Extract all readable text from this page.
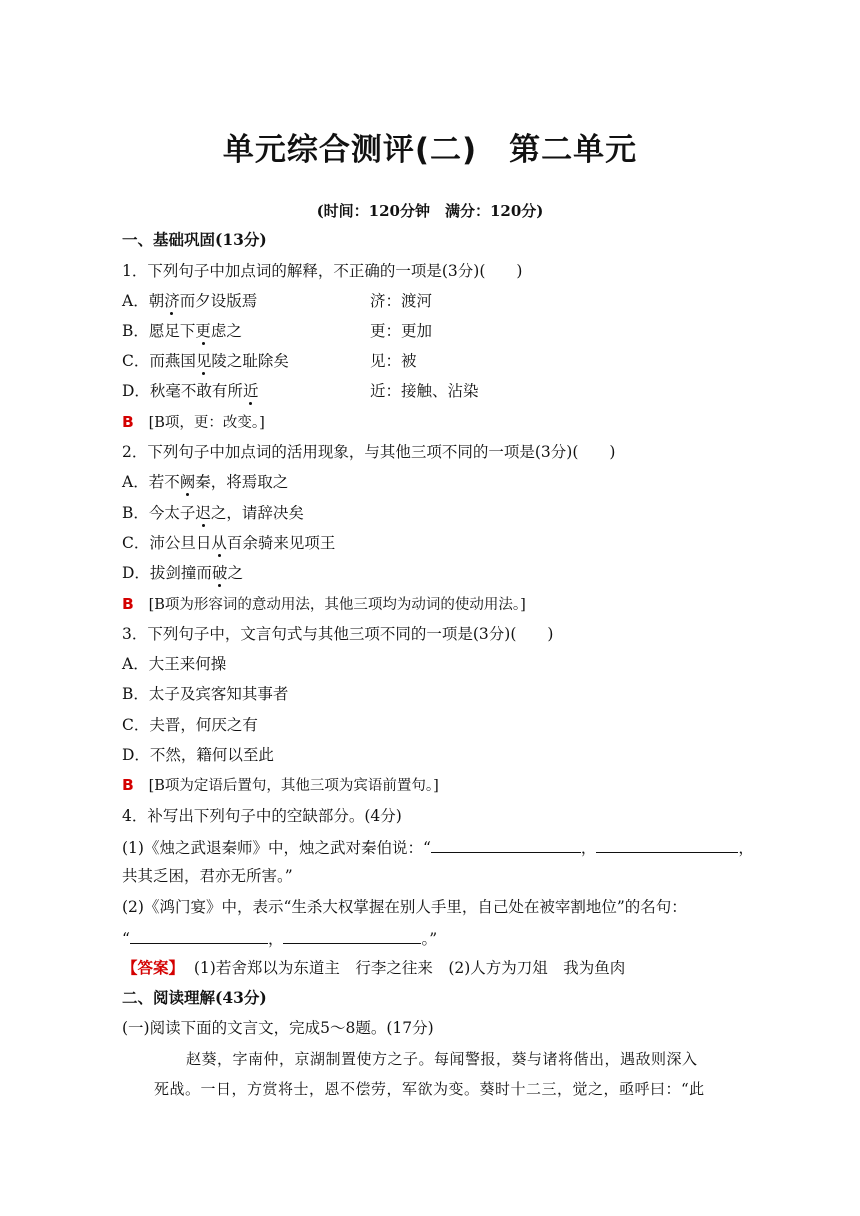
单元综合测评(二)　第二单元
(时间：120分钟　满分：120分)
一、基础巩固(13分)
1．下列句子中加点词的解释，不正确的一项是(3分)(　　)
A．朝济而夕设版焉	济：渡河
B．愿足下更虑之	更：更加
C．而燕国见陵之耻除矣	见：被
D．秋毫不敢有所近	近：接触、沾染
B [B项，更：改变。]
2．下列句子中加点词的活用现象，与其他三项不同的一项是(3分)(　　)
A．若不阙秦，将焉取之
B．今太子迟之，请辞决矣
C．沛公旦日从百余骑来见项王
D．拔剑撞而破之
B [B项为形容词的意动用法，其他三项均为动词的使动用法。]
3．下列句子中，文言句式与其他三项不同的一项是(3分)(　　)
A．大王来何操
B．太子及宾客知其事者
C．夫晋，何厌之有
D．不然，籍何以至此
B [B项为定语后置句，其他三项为宾语前置句。]
4．补写出下列句子中的空缺部分。(4分)
(1)《烛之武退秦师》中，烛之武对秦伯说：“	，	，
共其乏困，君亦无所害。”
(2)《鸿门宴》中，表示“生杀大权掌握在别人手里，自己处在被宰割地位”的名句：
“	，	。”
【答案】 (1)若舍郑以为东道主　行李之往来　(2)人方为刀俎　我为鱼肉
二、阅读理解(43分)
(一)阅读下面的文言文，完成5～8题。(17分)
赵葵，字南仲，京湖制置使方之子。每闻警报，葵与诸将偕出，遇敌则深入
死战。一日，方赏将士，恩不偿劳，军欲为变。葵时十二三，觉之，亟呼曰：“此
